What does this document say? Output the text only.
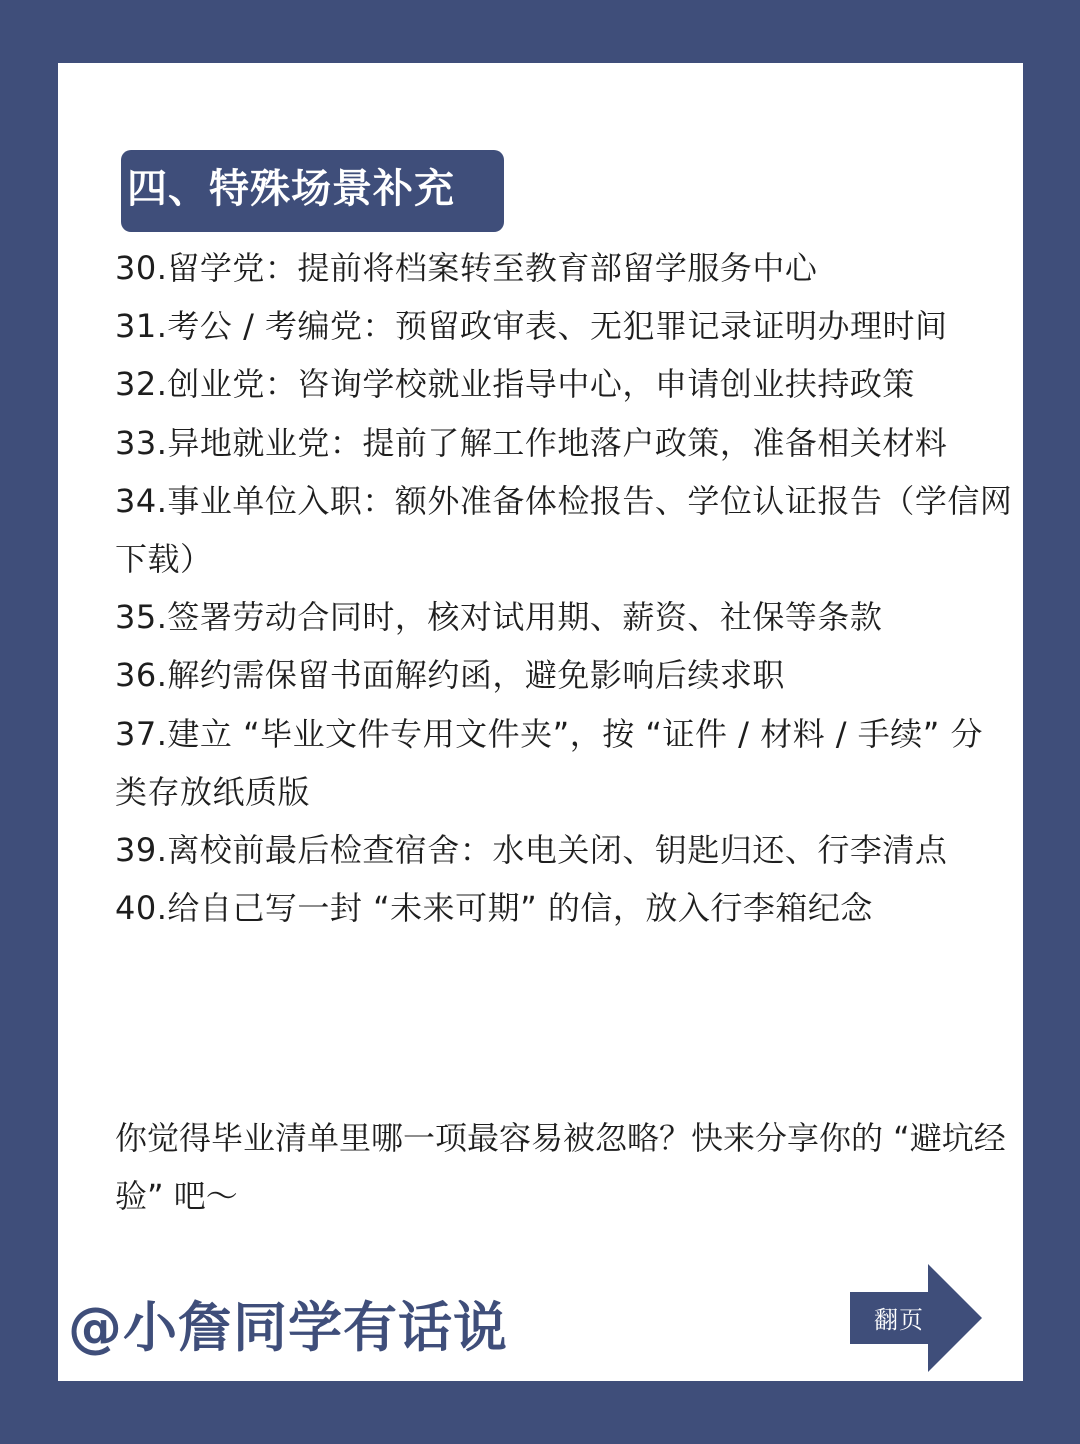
四、特殊场景补充
30.留学党：提前将档案转至教育部留学服务中心
31.考公 / 考编党：预留政审表、无犯罪记录证明办理时间
32.创业党：咨询学校就业指导中心，申请创业扶持政策
33.异地就业党：提前了解工作地落户政策，准备相关材料
34.事业单位入职：额外准备体检报告、学位认证报告（学信网下载）
35.签署劳动合同时，核对试用期、薪资、社保等条款
36.解约需保留书面解约函，避免影响后续求职
37.建立 “毕业文件专用文件夹”，按 “证件 / 材料 / 手续” 分类存放纸质版
39.离校前最后检查宿舍：水电关闭、钥匙归还、行李清点
40.给自己写一封 “未来可期” 的信，放入行李箱纪念

你觉得毕业清单里哪一项最容易被忽略？快来分享你的 “避坑经验” 吧～

@小詹同学有话说	翻页
